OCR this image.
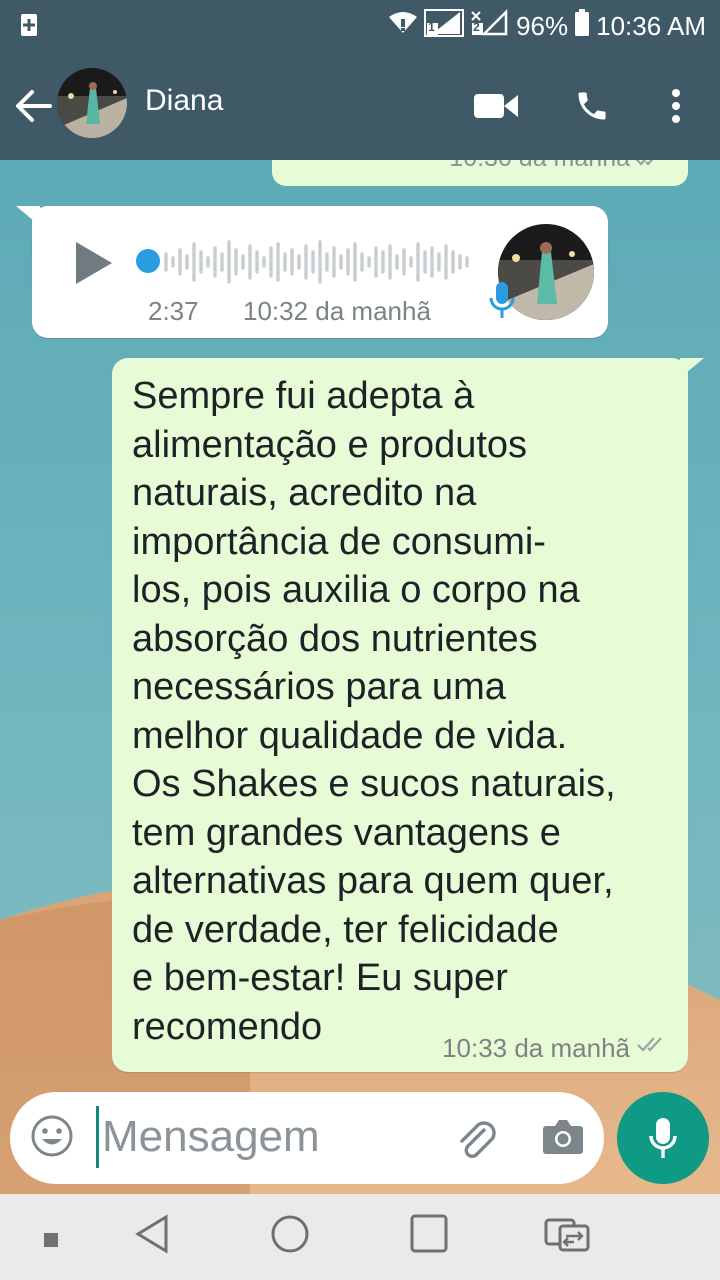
1	2 96% 10:36 AM
Diana
2:37 10:32 da manhã
Sempre fui adepta à
alimentação e produtos
naturais, acredito na
importância de consumi-
los, pois auxilia o corpo na
absorção dos nutrientes
necessários para uma
melhor qualidade de vida.
Os Shakes e sucos naturais,
tem grandes vantagens e
alternativas para quem quer,
de verdade, ter felicidade
e bem-estar! Eu super
recomendo
10:33 da manhã
Mensagem
